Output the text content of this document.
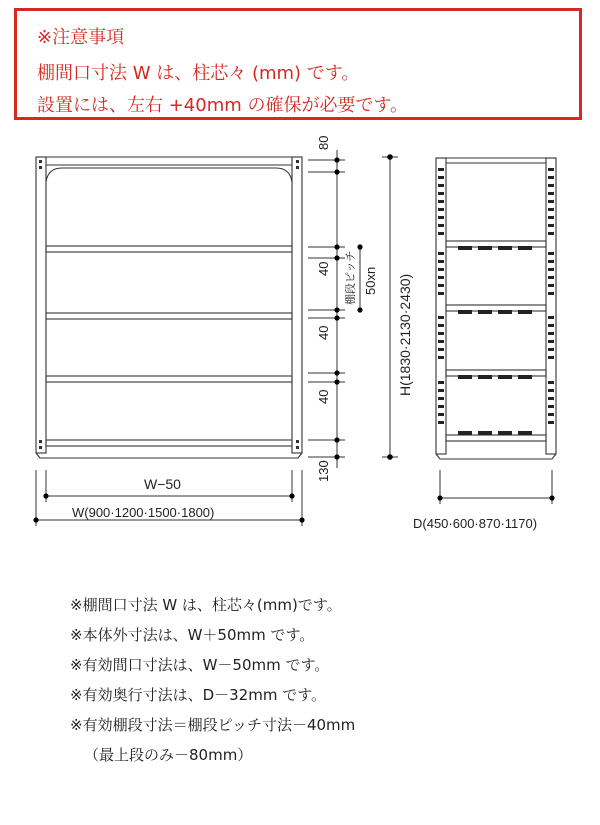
※注意事項
棚間口寸法 W は、柱芯々 (mm) です。
設置には、左右 +40mm の確保が必要です。
80
40
40
40
130
棚段ピッチ 50xn H(1830·2130·2430)
W−50
W(900·1200·1500·1800)
D(450·600·870·1170)
※棚間口寸法 W は、柱芯々(mm)です。
※本体外寸法は、W＋50mm です。
※有効間口寸法は、W－50mm です。
※有効奥行寸法は、D－32mm です。
※有効棚段寸法＝棚段ピッチ寸法－40mm
（最上段のみ－80mm）
